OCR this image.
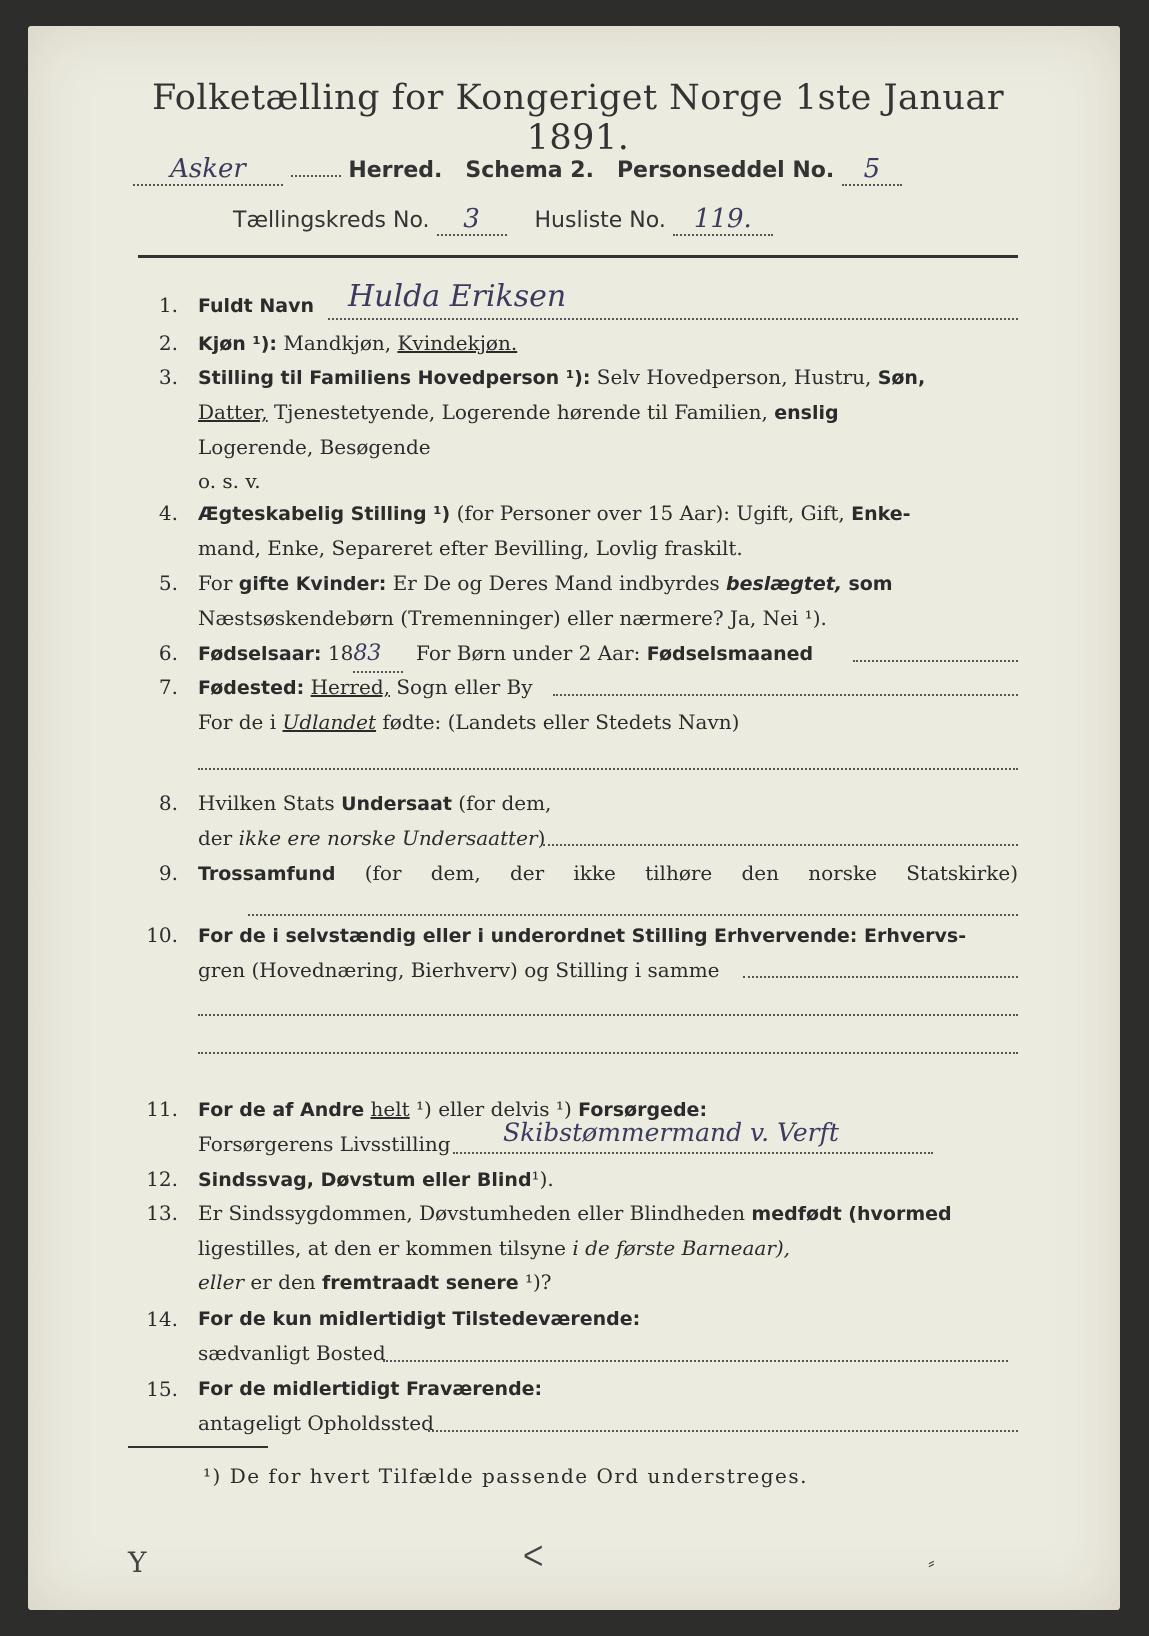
Folketælling for Kongeriget Norge 1ste Januar 1891.
Asker	Herred. Schema 2. Personseddel No. 5
Tællingskreds No. 3 Husliste No. 119.
1. Fuldt Navn Hulda Eriksen
2. Kjøn ¹): Mandkjøn, Kvindekjøn.
3. Stilling til Familiens Hovedperson ¹): Selv Hovedperson, Hustru, Søn,
Datter, Tjenestetyende, Logerende hørende til Familien, enslig
Logerende, Besøgende
o. s. v.
4. Ægteskabelig Stilling ¹) (for Personer over 15 Aar): Ugift, Gift, Enke-
mand, Enke, Separeret efter Bevilling, Lovlig fraskilt.
5. For gifte Kvinder: Er De og Deres Mand indbyrdes beslægtet, som
Næstsøskendebørn (Tremenninger) eller nærmere? Ja, Nei ¹).
6. Fødselsaar: 1883 For Børn under 2 Aar: Fødselsmaaned
7. Fødested: Herred, Sogn eller By
For de i Udlandet fødte: (Landets eller Stedets Navn)
8. Hvilken Stats Undersaat (for dem,
der ikke ere norske Undersaatter)
9. Trossamfund (for dem, der ikke tilhøre den norske Statskirke)
10. For de i selvstændig eller i underordnet Stilling Erhvervende: Erhvervs-
gren (Hovednæring, Bierhverv) og Stilling i samme
11. For de af Andre helt ¹) eller delvis ¹) Forsørgede:
Forsørgerens Livsstilling Skibstømmermand v. Verft
12. Sindssvag, Døvstum eller Blind¹).
13. Er Sindssygdommen, Døvstumheden eller Blindheden medfødt (hvormed
ligestilles, at den er kommen tilsyne i de første Barneaar),
eller er den fremtraadt senere ¹)?
14. For de kun midlertidigt Tilstedeværende:
sædvanligt Bosted
15. For de midlertidigt Fraværende:
antageligt Opholdssted
¹) De for hvert Tilfælde passende Ord understreges.
Y	ᐸ	⸗
